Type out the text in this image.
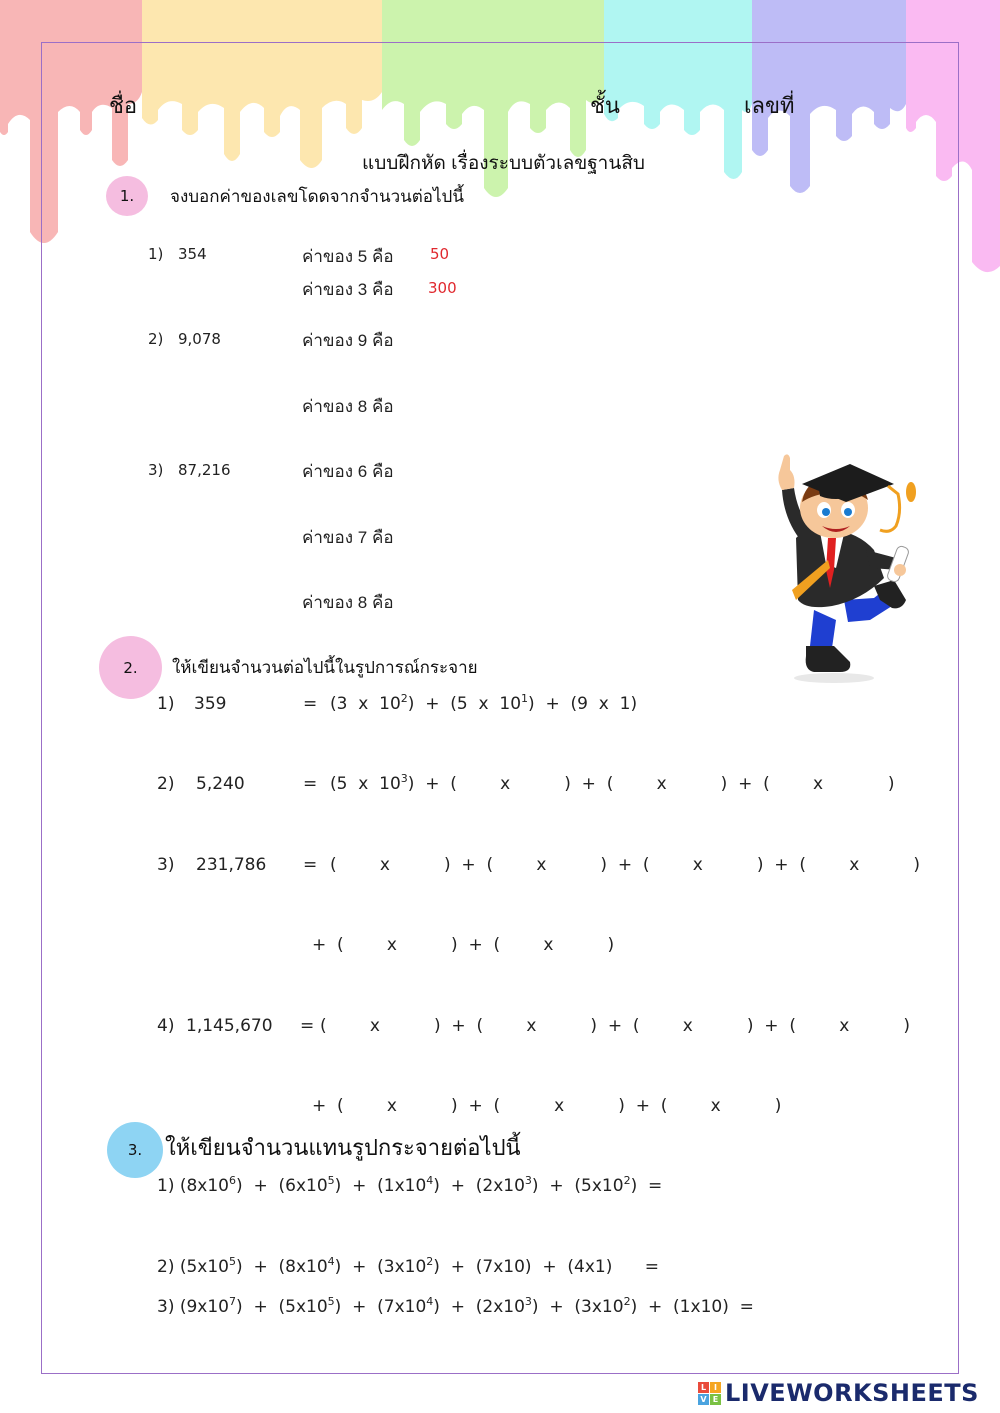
ชื่อ	ชั้น	เลขที่
แบบฝึกหัด เรื่องระบบตัวเลขฐานสิบ
1. จงบอกค่าของเลขโดดจากจำนวนต่อไปนี้
1) 354	ค่าของ 5 คือ 50
ค่าของ 3 คือ 300
2) 9,078	ค่าของ 9 คือ
ค่าของ 8 คือ
3) 87,216	ค่าของ 6 คือ
ค่าของ 7 คือ
ค่าของ 8 คือ
2. ให้เขียนจำนวนต่อไปนี้ในรูปการณ์กระจาย
1) 359	= (3  x  $10^2) + (5$  x  $10^1) + (9$  x  1)
2) 5,240	= (5  x  $10^3$)  +  (        x          )  +  (        x          )  +  (        x            )
3) 231,786 = (        x          )  +  (        x          )  +  (        x          )  +  (        x          )
+  (        x          )  +  (        x          )
4) 1,145,670 = (        x          )  +  (        x          )  +  (        x          )  +  (        x          )
+  (        x          )  +  (          x          )  +  (        x          )
3. ให้เขียนจำนวนแทนรูปกระจายต่อไปนี้
1) $(8x10^6) + (6x10^5) + (1x10^4) + (2x10^3) + (5x10^2)$  =
2) $(5x10^5) + (8x10^4) + (3x10^2) + (7x10) + (4x1)$      =
3) $(9x10^7) + (5x10^5) + (7x10^4) + (2x10^3) + (3x10^2) + (1x10)$  =
L I
V E LIVEWORKSHEETS
